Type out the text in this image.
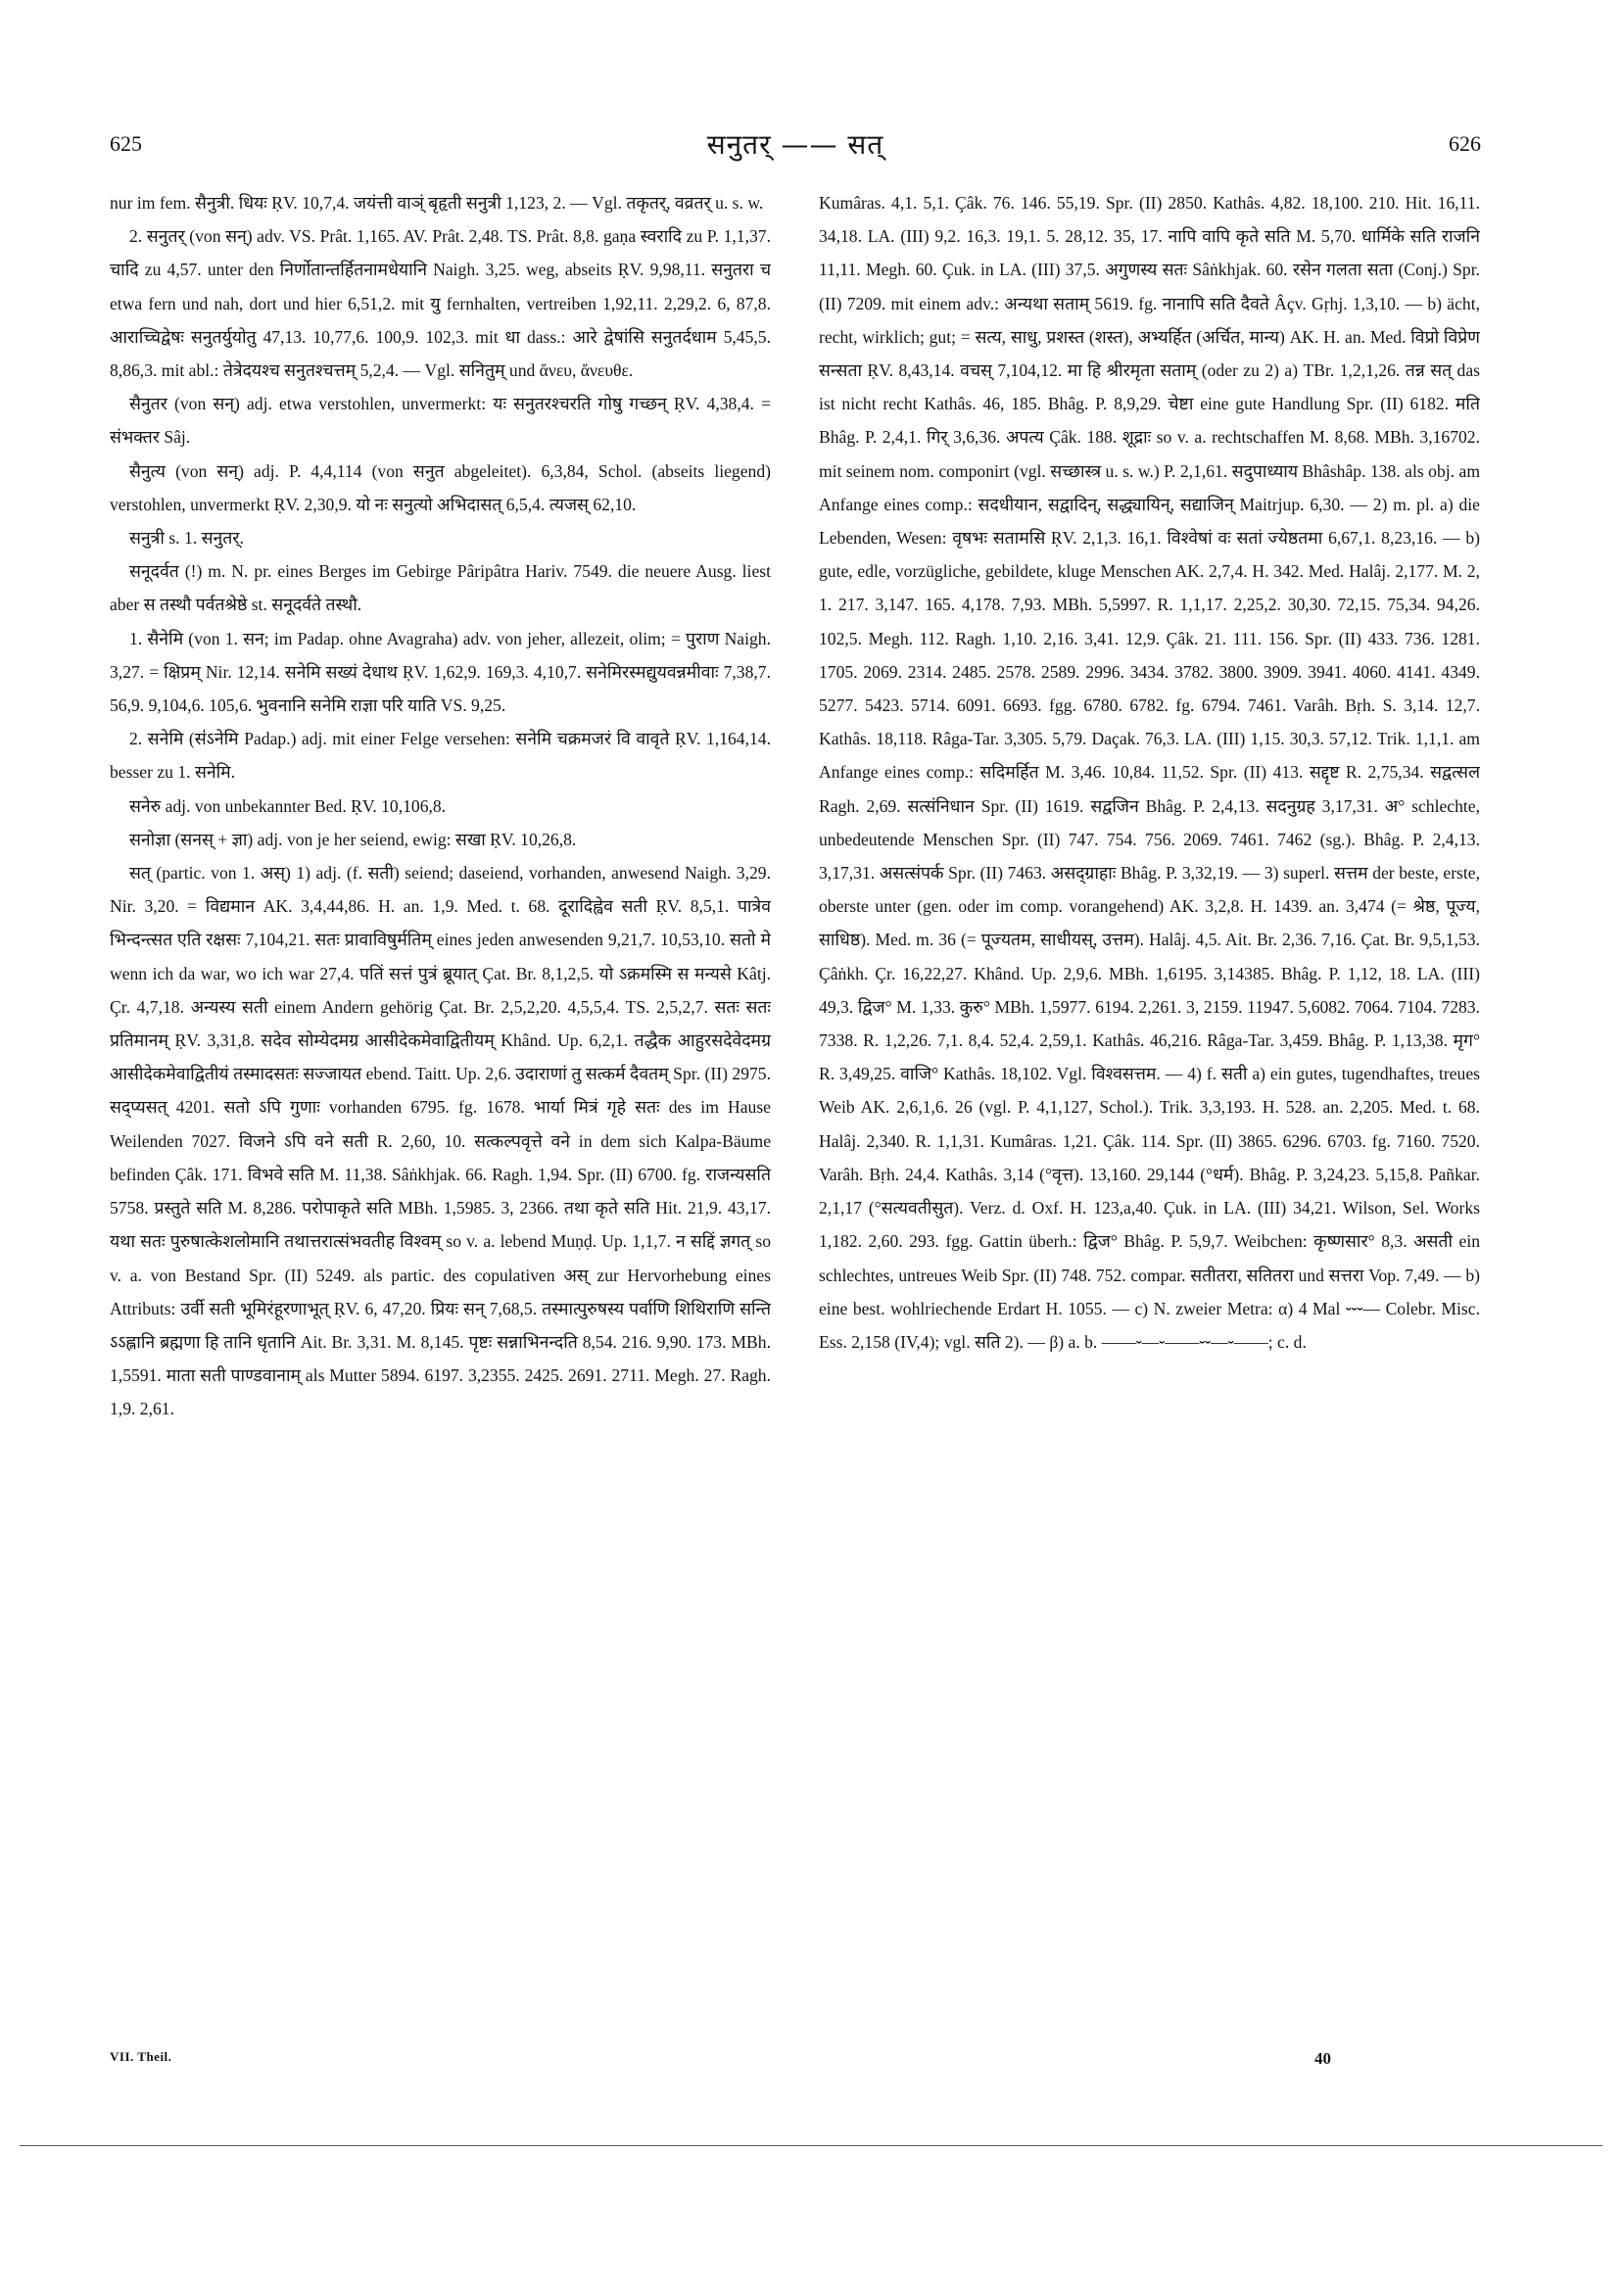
625	सनुतर् —— सत्	626

nur im fem. सैनुत्री. धियः ṚV. 10,7,4. जयंत्ती वाञ्ं बृहृती सनुत्री 1,123, 2. — Vgl. तकृतर्, वव्रतर् u. s. w.

2. सनुतर् (von सन्) adv. VS. Prât. 1,165. AV. Prât. 2,48. TS. Prât. 8,8. gaṇa स्वरादि zu P. 1,1,37. चादि zu 4,57. unter den निर्णोतान्तर्हितनामधेयानि Naigh. 3,25. weg, abseits ṚV. 9,98,11. सनुतरा च etwa fern und nah, dort und hier 6,51,2. mit यु fernhalten, vertreiben 1,92,11. 2,29,2. 6, 87,8. आराच्चिद्वेषः सनुतर्युयोतु 47,13. 10,77,6. 100,9. 102,3. mit धा dass.: आरे द्वेषांसि सनुतर्दधाम 5,45,5. 8,86,3. mit abl.: तेत्रेदयश्च सनुतश्चत्तम् 5,2,4. — Vgl. सनितुम् und ἄνευ, ἄνευθε.

सैनुतर (von सन्) adj. etwa verstohlen, unvermerkt: यः सनुतरश्चरति गोषु गच्छन् ṚV. 4,38,4. = संभक्तर Sâj.

सैनुत्य (von सन्) adj. P. 4,4,114 (von सनुत abgeleitet). 6,3,84, Schol. (abseits liegend) verstohlen, unvermerkt ṚV. 2,30,9. यो नः सनुत्यो अभिदासत् 6,5,4. त्यजस् 62,10.

सनुत्री s. 1. सनुतर्.

सनूदर्वत (!) m. N. pr. eines Berges im Gebirge Pâripâtra Hariv. 7549. die neuere Ausg. liest aber स तस्थौ पर्वतश्रेष्ठे st. सनूदर्वते तस्थौ.

1. सैनेमि (von 1. सन; im Padap. ohne Avagraha) adv. von jeher, allezeit, olim; = पुराण Naigh. 3,27. = क्षिप्रम् Nir. 12,14. सनेमि सख्यं देधाथ ṚV. 1,62,9. 169,3. 4,10,7. सनेमिरस्मद्युयवन्नमीवाः 7,38,7. 56,9. 9,104,6. 105,6. भुवनानि सनेमि राज्ञा परि याति VS. 9,25.

2. सनेमि (स॑ऽनेमि Padap.) adj. mit einer Felge versehen: सनेमि चक्रमजरं वि वावृते ṚV. 1,164,14. besser zu 1. सनेमि.

सनेरु adj. von unbekannter Bed. ṚV. 10,106,8.

सनोज्ञा (सनस् + ज्ञा) adj. von je her seiend, ewig: सखा ṚV. 10,26,8.

सत् (partic. von 1. अस्) 1) adj. (f. सती) seiend; daseiend, vorhanden, anwesend Naigh. 3,29. Nir. 3,20. = विद्यमान AK. 3,4,44,86. H. an. 1,9. Med. t. 68. दूरादिह्वेव सती ṚV. 8,5,1. पात्रेव भिन्दन्त्सत एति रक्षसः 7,104,21. सतः प्रावाविषुर्मतिम् eines jeden anwesenden 9,21,7. 10,53,10. सतो मे wenn ich da war, wo ich war 27,4. पतिं सत्तं पुत्रं ब्रूयात् Çat. Br. 8,1,2,5. यो ऽक्रमस्मि स मन्यसे Kâtj. Çr. 4,7,18. अन्यस्य सती einem Andern gehörig Çat. Br. 2,5,2,20. 4,5,5,4. TS. 2,5,2,7. सतः सतः प्रतिमानम् ṚV. 3,31,8. सदेव सोम्येदमग्र आसीदेकमेवाद्वितीयम् Khând. Up. 6,2,1. तद्धैक आहुरसदेवेदमग्र आसीदेकमेवाद्वितीयं तस्मादसतः सज्जायत ebend. Taitt. Up. 2,6. उदाराणां तु सत्कर्म दैवतम् Spr. (II) 2975. सद्प्यसत् 4201. सतो ऽपि गुणाः vorhanden 6795. fg. 1678. भार्या मित्रं गृहे सतः des im Hause Weilenden 7027. विजने ऽपि वने सती R. 2,60, 10. सत्कल्पवृत्ते वने in dem sich Kalpa-Bäume befinden Çâk. 171. विभवे सति M. 11,38. Sâṅkhjak. 66. Ragh. 1,94. Spr. (II) 6700. fg. राजन्यसति 5758. प्रस्तुते सति M. 8,286. परोपाकृते सति MBh. 1,5985. 3, 2366. तथा कृते सति Hit. 21,9. 43,17. यथा सतः पुरुषात्केशलोमानि तथात्तरात्संभवतीह विश्वम् so v. a. lebend Muṇḍ. Up. 1,1,7. न सद्दिं ज्ञगत् so v. a. von Bestand Spr. (II) 5249. als partic. des copulativen अस् zur Hervorhebung eines Attributs: उर्वी सती भूमिरंहूरणाभूत् ṚV. 6, 47,20. प्रियः सन् 7,68,5. तस्मात्पुरुषस्य पर्वाणि शिथिराणि सन्ति ऽऽह्लानि ब्रह्मणा हि तानि धृतानि Ait. Br. 3,31. M. 8,145. पृष्टः सन्नाभिनन्दति 8,54. 216. 9,90. 173. MBh. 1,5591. माता सती पाण्डवानाम् als Mutter 5894. 6197. 3,2355. 2425. 2691. 2711. Megh. 27. Ragh. 1,9. 2,61.

Kumâras. 4,1. 5,1. Çâk. 76. 146. 55,19. Spr. (II) 2850. Kathâs. 4,82. 18,100. 210. Hit. 16,11. 34,18. LA. (III) 9,2. 16,3. 19,1. 5. 28,12. 35, 17. नापि वापि कृते सति M. 5,70. धार्मिके सति राजनि 11,11. Megh. 60. Çuk. in LA. (III) 37,5. अगुणस्य सतः Sâṅkhjak. 60. रसेन गलता सता (Conj.) Spr. (II) 7209. mit einem adv.: अन्यथा सताम् 5619. fg. नानापि सति दैवते Âçv. Gṛhj. 1,3,10. — b) ächt, recht, wirklich; gut; = सत्य, साधु, प्रशस्त (शस्त), अभ्यर्हित (अर्चित, मान्य) AK. H. an. Med. विप्रो विप्रेण सन्सता ṚV. 8,43,14. वचस् 7,104,12. मा हि श्रीरमृता सताम् (oder zu 2) a) TBr. 1,2,1,26. तन्न सत् das ist nicht recht Kathâs. 46, 185. Bhâg. P. 8,9,29. चेष्टा eine gute Handlung Spr. (II) 6182. मति Bhâg. P. 2,4,1. गिर् 3,6,36. अपत्य Çâk. 188. शूद्राः so v. a. rechtschaffen M. 8,68. MBh. 3,16702. mit seinem nom. componirt (vgl. सच्छास्त्र u. s. w.) P. 2,1,61. सदुपाध्याय Bhâshâp. 138. als obj. am Anfange eines comp.: सदधीयान, सद्वादिन्, सद्ध्यायिन्, सद्याजिन् Maitrjup. 6,30. — 2) m. pl. a) die Lebenden, Wesen: वृषभः सतामसि ṚV. 2,1,3. 16,1. विश्वेषां वः सतां ज्येष्ठतमा 6,67,1. 8,23,16. — b) gute, edle, vorzügliche, gebildete, kluge Menschen AK. 2,7,4. H. 342. Med. Halâj. 2,177. M. 2, 1. 217. 3,147. 165. 4,178. 7,93. MBh. 5,5997. R. 1,1,17. 2,25,2. 30,30. 72,15. 75,34. 94,26. 102,5. Megh. 112. Ragh. 1,10. 2,16. 3,41. 12,9. Çâk. 21. 111. 156. Spr. (II) 433. 736. 1281. 1705. 2069. 2314. 2485. 2578. 2589. 2996. 3434. 3782. 3800. 3909. 3941. 4060. 4141. 4349. 5277. 5423. 5714. 6091. 6693. fgg. 6780. 6782. fg. 6794. 7461. Varâh. Bṛh. S. 3,14. 12,7. Kathâs. 18,118. Râga-Tar. 3,305. 5,79. Daçak. 76,3. LA. (III) 1,15. 30,3. 57,12. Trik. 1,1,1. am Anfange eines comp.: सदिमर्हित M. 3,46. 10,84. 11,52. Spr. (II) 413. सद्दृष्ट R. 2,75,34. सद्वत्सल Ragh. 2,69. सत्संनिधान Spr. (II) 1619. सद्वजिन Bhâg. P. 2,4,13. सदनुग्रह 3,17,31. अ° schlechte, unbedeutende Menschen Spr. (II) 747. 754. 756. 2069. 7461. 7462 (sg.). Bhâg. P. 2,4,13. 3,17,31. असत्संपर्क Spr. (II) 7463. असद्ग्राहाः Bhâg. P. 3,32,19. — 3) superl. सत्तम der beste, erste, oberste unter (gen. oder im comp. vorangehend) AK. 3,2,8. H. 1439. an. 3,474 (= श्रेष्ठ, पूज्य, साधिष्ठ). Med. m. 36 (= पूज्यतम, साधीयस्, उत्तम). Halâj. 4,5. Ait. Br. 2,36. 7,16. Çat. Br. 9,5,1,53. Çâṅkh. Çr. 16,22,27. Khând. Up. 2,9,6. MBh. 1,6195. 3,14385. Bhâg. P. 1,12, 18. LA. (III) 49,3. द्विज° M. 1,33. कुरु° MBh. 1,5977. 6194. 2,261. 3, 2159. 11947. 5,6082. 7064. 7104. 7283. 7338. R. 1,2,26. 7,1. 8,4. 52,4. 2,59,1. Kathâs. 46,216. Râga-Tar. 3,459. Bhâg. P. 1,13,38. मृग° R. 3,49,25. वाजि° Kathâs. 18,102. Vgl. विश्वसत्तम. — 4) f. सती a) ein gutes, tugendhaftes, treues Weib AK. 2,6,1,6. 26 (vgl. P. 4,1,127, Schol.). Trik. 3,3,193. H. 528. an. 2,205. Med. t. 68. Halâj. 2,340. R. 1,1,31. Kumâras. 1,21. Çâk. 114. Spr. (II) 3865. 6296. 6703. fg. 7160. 7520. Varâh. Bṛh. 24,4. Kathâs. 3,14 (°वृत्त). 13,160. 29,144 (°धर्म). Bhâg. P. 3,24,23. 5,15,8. Pañkar. 2,1,17 (°सत्यवतीसुत). Verz. d. Oxf. H. 123,a,40. Çuk. in LA. (III) 34,21. Wilson, Sel. Works 1,182. 2,60. 293. fgg. Gattin überh.: द्विज° Bhâg. P. 5,9,7. Weibchen: कृष्णसार° 8,3. असती ein schlechtes, untreues Weib Spr. (II) 748. 752. compar. सतीतरा, सतितरा und सत्तरा Vop. 7,49. — b) eine best. wohlriechende Erdart H. 1055. — c) N. zweier Metra: α) 4 Mal ⏑⏑⏑— Colebr. Misc. Ess. 2,158 (IV,4); vgl. सति 2). — β) a. b. ——⏑—⏑——⏑⏑—⏑——; c. d.

VII. Theil.	40
